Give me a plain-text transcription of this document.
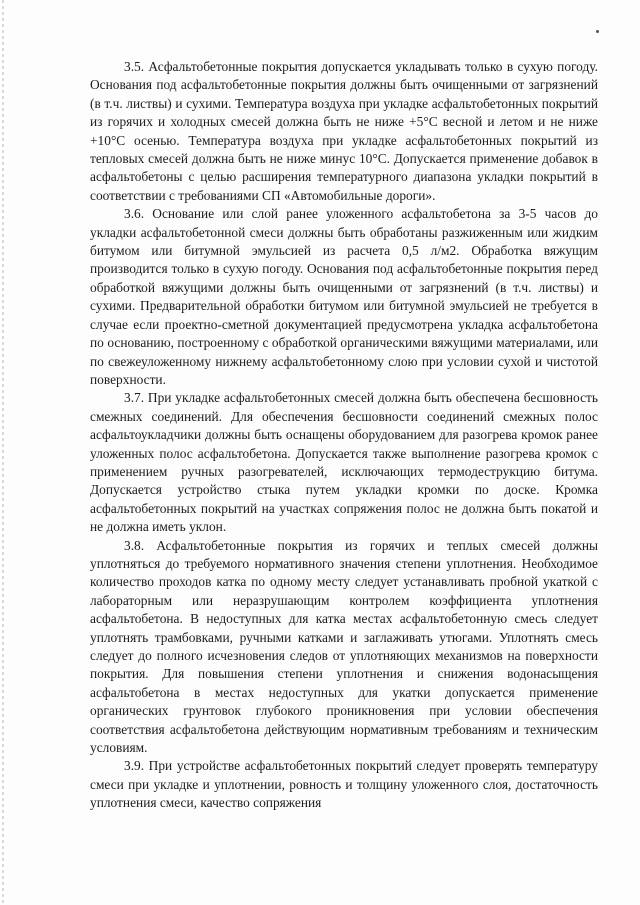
3.5. Асфальтобетонные покрытия допускается укладывать только в сухую погоду. Основания под асфальтобетонные покрытия должны быть очищенными от загрязнений (в т.ч. листвы) и сухими. Температура воздуха при укладке асфальтобетонных покрытий из горячих и холодных смесей должна быть не ниже +5°С весной и летом и не ниже +10°С осенью. Температура воздуха при укладке асфальтобетонных покрытий из тепловых смесей должна быть не ниже минус 10°С. Допускается применение добавок в асфальтобетоны с целью расширения температурного диапазона укладки покрытий в соответствии с требованиями СП «Автомобильные дороги».

3.6. Основание или слой ранее уложенного асфальтобетона за 3-5 часов до укладки асфальтобетонной смеси должны быть обработаны разжиженным или жидким битумом или битумной эмульсией из расчета 0,5 л/м2. Обработка вяжущим производится только в сухую погоду. Основания под асфальтобетонные покрытия перед обработкой вяжущими должны быть очищенными от загрязнений (в т.ч. листвы) и сухими. Предварительной обработки битумом или битумной эмульсией не требуется в случае если проектно-сметной документацией предусмотрена укладка асфальтобетона по основанию, построенному с обработкой органическими вяжущими материалами, или по свежеуложенному нижнему асфальтобетонному слою при условии сухой и чистотой поверхности.

3.7. При укладке асфальтобетонных смесей должна быть обеспечена бесшовность смежных соединений. Для обеспечения бесшовности соединений смежных полос асфальтоукладчики должны быть оснащены оборудованием для разогрева кромок ранее уложенных полос асфальтобетона. Допускается также выполнение разогрева кромок с применением ручных разогревателей, исключающих термодеструкцию битума. Допускается устройство стыка путем укладки кромки по доске. Кромка асфальтобетонных покрытий на участках сопряжения полос не должна быть покатой и не должна иметь уклон.

3.8. Асфальтобетонные покрытия из горячих и теплых смесей должны уплотняться до требуемого нормативного значения степени уплотнения. Необходимое количество проходов катка по одному месту следует устанавливать пробной укаткой с лабораторным или неразрушающим контролем коэффициента уплотнения асфальтобетона. В недоступных для катка местах асфальтобетонную смесь следует уплотнять трамбовками, ручными катками и заглаживать утюгами. Уплотнять смесь следует до полного исчезновения следов от уплотняющих механизмов на поверхности покрытия. Для повышения степени уплотнения и снижения водонасыщения асфальтобетона в местах недоступных для укатки допускается применение органических грунтовок глубокого проникновения при условии обеспечения соответствия асфальтобетона действующим нормативным требованиям и техническим условиям.

3.9. При устройстве асфальтобетонных покрытий следует проверять температуру смеси при укладке и уплотнении, ровность и толщину уложенного слоя, достаточность уплотнения смеси, качество сопряжения
